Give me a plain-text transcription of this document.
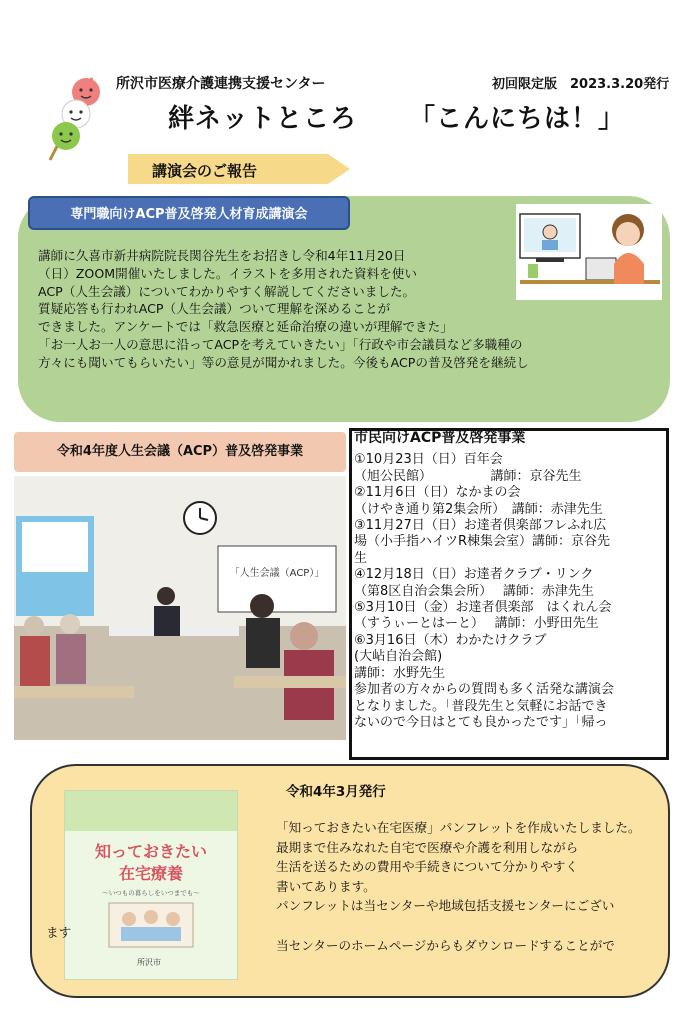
所沢市医療介護連携支援センター	初回限定版　2023.3.20発行
絆ネットところ 「こんにちは！」
講演会のご報告
専門職向けACP普及啓発人材育成講演会
講師に久喜市新井病院院長関谷先生をお招きし令和4年11月20日
（日）ZOOM開催いたしました。イラストを多用された資料を使い
ACP（人生会議）についてわかりやすく解説してくださいました。
質疑応答も行われACP（人生会議）ついて理解を深めることが
できました。アンケートでは「救急医療と延命治療の違いが理解できた」
「お一人お一人の意思に沿ってACPを考えていきたい」「行政や市会議員など多職種の
方々にも聞いてもらいたい」等の意見が聞かれました。今後もACPの普及啓発を継続し
令和4年度人生会議（ACP）普及啓発事業
「人生会議（ACP）」
市民向けACP普及啓発事業
①10月23日（日）百年会
（旭公民館）　　　　　講師：京谷先生
②11月6日（日）なかまの会
（けやき通り第2集会所）　講師：赤津先生
③11月27日（日）お達者倶楽部フレふれ広
場（小手指ハイツR棟集会室）講師：京谷先
生
④12月18日（日）お達者クラブ・リンク
（第8区自治会集会所）　 講師：赤津先生
⑤3月10日（金）お達者倶楽部　はくれん会
（すうぃーとはーと）　 講師：小野田先生
⑥3月16日（木）わかたけクラブ
(大岾自治会館)
講師：水野先生
参加者の方々からの質問も多く活発な講演会
となりました。「普段先生と気軽にお話でき
ないので今日はとても良かったです」「帰っ
知っておきたい
在宅療養
～いつもの暮らしをいつまでも～
所沢市
令和4年3月発行
「知っておきたい在宅医療」パンフレットを作成いたしました。
最期まで住みなれた自宅で医療や介護を利用しながら
生活を送るための費用や手続きについて分かりやすく
書いてあります。
パンフレットは当センターや地域包括支援センターにござい
当センターのホームページからもダウンロードすることがで
ます
